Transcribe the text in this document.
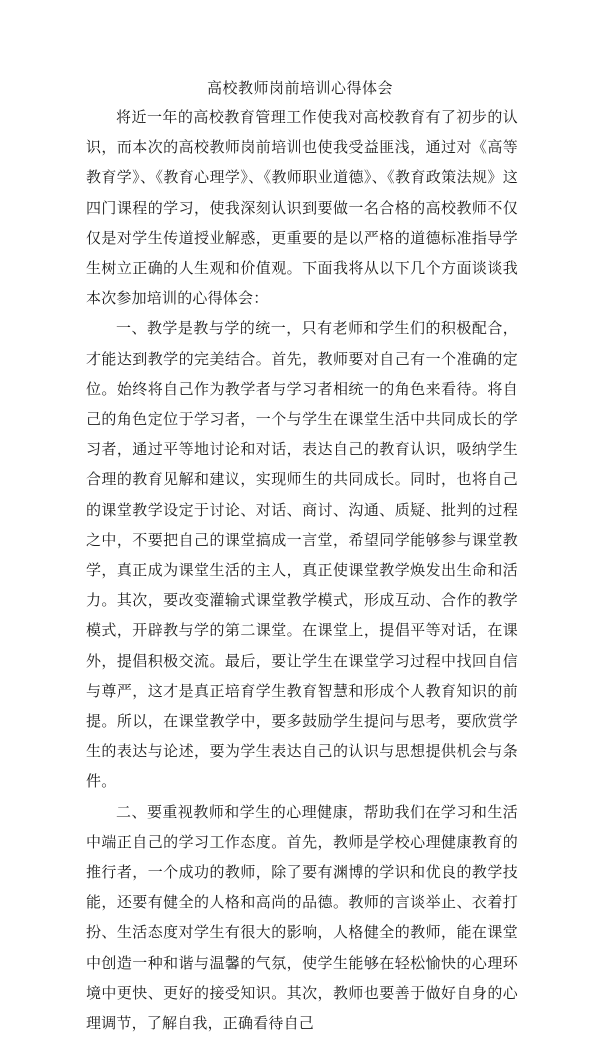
高校教师岗前培训心得体会

将近一年的高校教育管理工作使我对高校教育有了初步的认识，而本次的高校教师岗前培训也使我受益匪浅，通过对《高等教育学》、《教育心理学》、《教师职业道德》、《教育政策法规》这四门课程的学习，使我深刻认识到要做一名合格的高校教师不仅仅是对学生传道授业解惑，更重要的是以严格的道德标准指导学生树立正确的人生观和价值观。下面我将从以下几个方面谈谈我本次参加培训的心得体会：

一、教学是教与学的统一，只有老师和学生们的积极配合，才能达到教学的完美结合。首先，教师要对自己有一个准确的定位。始终将自己作为教学者与学习者相统一的角色来看待。将自己的角色定位于学习者，一个与学生在课堂生活中共同成长的学习者，通过平等地讨论和对话，表达自己的教育认识，吸纳学生合理的教育见解和建议，实现师生的共同成长。同时，也将自己的课堂教学设定于讨论、对话、商讨、沟通、质疑、批判的过程之中，不要把自己的课堂搞成一言堂，希望同学能够参与课堂教学，真正成为课堂生活的主人，真正使课堂教学焕发出生命和活力。其次，要改变灌输式课堂教学模式，形成互动、合作的教学模式，开辟教与学的第二课堂。在课堂上，提倡平等对话，在课外，提倡积极交流。最后，要让学生在课堂学习过程中找回自信与尊严，这才是真正培育学生教育智慧和形成个人教育知识的前提。所以，在课堂教学中，要多鼓励学生提问与思考，要欣赏学生的表达与论述，要为学生表达自己的认识与思想提供机会与条件。

二、要重视教师和学生的心理健康，帮助我们在学习和生活中端正自己的学习工作态度。首先，教师是学校心理健康教育的推行者，一个成功的教师，除了要有渊博的学识和优良的教学技能，还要有健全的人格和高尚的品德。教师的言谈举止、衣着打扮、生活态度对学生有很大的影响，人格健全的教师，能在课堂中创造一种和谐与温馨的气氛，使学生能够在轻松愉快的心理环境中更快、更好的接受知识。其次，教师也要善于做好自身的心理调节，了解自我，正确看待自己
